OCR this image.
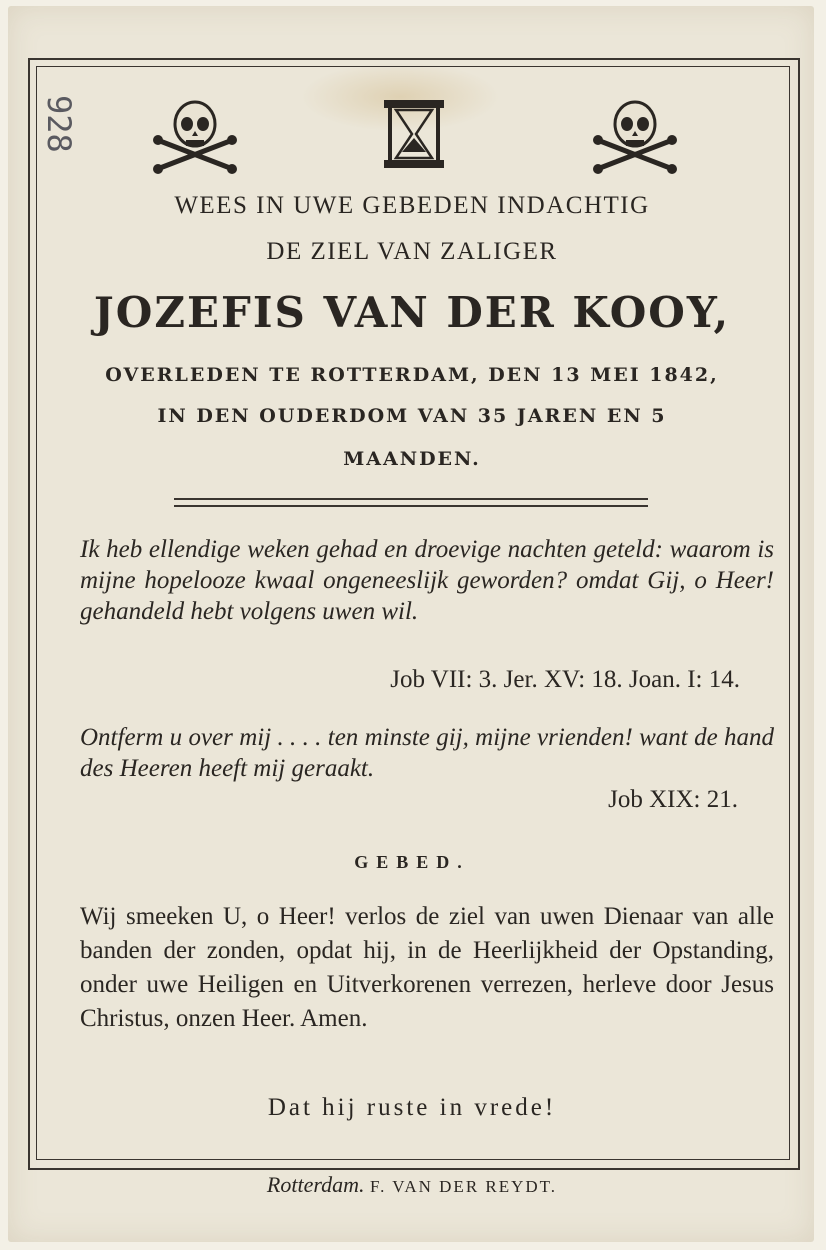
928

WEES IN UWE GEBEDEN INDACHTIG

DE ZIEL VAN ZALIGER

JOZEFIS VAN DER KOOY,

OVERLEDEN TE ROTTERDAM, DEN 13 MEI 1842,

IN DEN OUDERDOM VAN 35 JAREN EN 5

MAANDEN.

Ik heb ellendige weken gehad en droevige nachten geteld: waarom is mijne hopelooze kwaal ongeneeslijk geworden? omdat Gij, o Heer! gehandeld hebt volgens uwen wil.

Job VII: 3. Jer. XV: 18. Joan. I: 14.

Ontferm u over mij . . . . ten minste gij, mijne vrienden! want de hand des Heeren heeft mij geraakt.

Job XIX: 21.

GEBED.

Wij smeeken U, o Heer! verlos de ziel van uwen Dienaar van alle banden der zonden, opdat hij, in de Heerlijkheid der Opstanding, onder uwe Heiligen en Uitverkorenen verrezen, herleve door Jesus Christus, onzen Heer. Amen.

Dat hij ruste in vrede!

Rotterdam. F. VAN DER REYDT.
